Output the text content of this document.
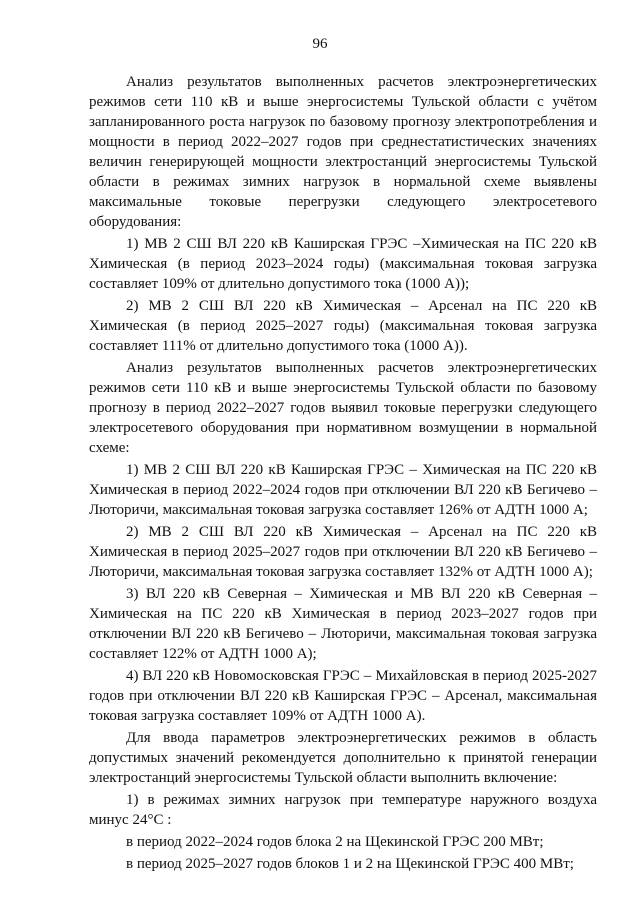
96

Анализ результатов выполненных расчетов электроэнергетических режимов сети 110 кВ и выше энергосистемы Тульской области с учётом запланированного роста нагрузок по базовому прогнозу электропотребления и мощности в период 2022–2027 годов при среднестатистических значениях величин генерирующей мощности электростанций энергосистемы Тульской области в режимах зимних нагрузок в нормальной схеме выявлены максимальные токовые перегрузки следующего электросетевого оборудования:

1) МВ 2 СШ ВЛ 220 кВ Каширская ГРЭС –Химическая на ПС 220 кВ Химическая (в период 2023–2024 годы) (максимальная токовая загрузка составляет 109% от длительно допустимого тока (1000 А));

2) МВ 2 СШ ВЛ 220 кВ Химическая – Арсенал на ПС 220 кВ Химическая (в период 2025–2027 годы) (максимальная токовая загрузка составляет 111% от длительно допустимого тока (1000 А)).

Анализ результатов выполненных расчетов электроэнергетических режимов сети 110 кВ и выше энергосистемы Тульской области по базовому прогнозу в период 2022–2027 годов выявил токовые перегрузки следующего электросетевого оборудования при нормативном возмущении в нормальной схеме:

1) МВ 2 СШ ВЛ 220 кВ Каширская ГРЭС – Химическая на ПС 220 кВ Химическая в период 2022–2024 годов при отключении ВЛ 220 кВ Бегичево – Люторичи, максимальная токовая загрузка составляет 126% от АДТН 1000 А;

2) МВ 2 СШ ВЛ 220 кВ Химическая – Арсенал на ПС 220 кВ Химическая в период 2025–2027 годов при отключении ВЛ 220 кВ Бегичево – Люторичи, максимальная токовая загрузка составляет 132% от АДТН 1000 А);

3) ВЛ 220 кВ Северная – Химическая и МВ ВЛ 220 кВ Северная – Химическая на ПС 220 кВ Химическая в период 2023–2027 годов при отключении ВЛ 220 кВ Бегичево – Люторичи, максимальная токовая загрузка составляет 122% от АДТН 1000 А);

4) ВЛ 220 кВ Новомосковская ГРЭС – Михайловская в период 2025-2027 годов при отключении ВЛ 220 кВ Каширская ГРЭС – Арсенал, максимальная токовая загрузка составляет 109% от АДТН 1000 А).

Для ввода параметров электроэнергетических режимов в область допустимых значений рекомендуется дополнительно к принятой генерации электростанций энергосистемы Тульской области выполнить включение:

1) в режимах зимних нагрузок при температуре наружного воздуха минус 24°С :

в период 2022–2024 годов блока 2 на Щекинской ГРЭС 200 МВт;

в период 2025–2027 годов блоков 1 и 2 на Щекинской ГРЭС 400 МВт;
